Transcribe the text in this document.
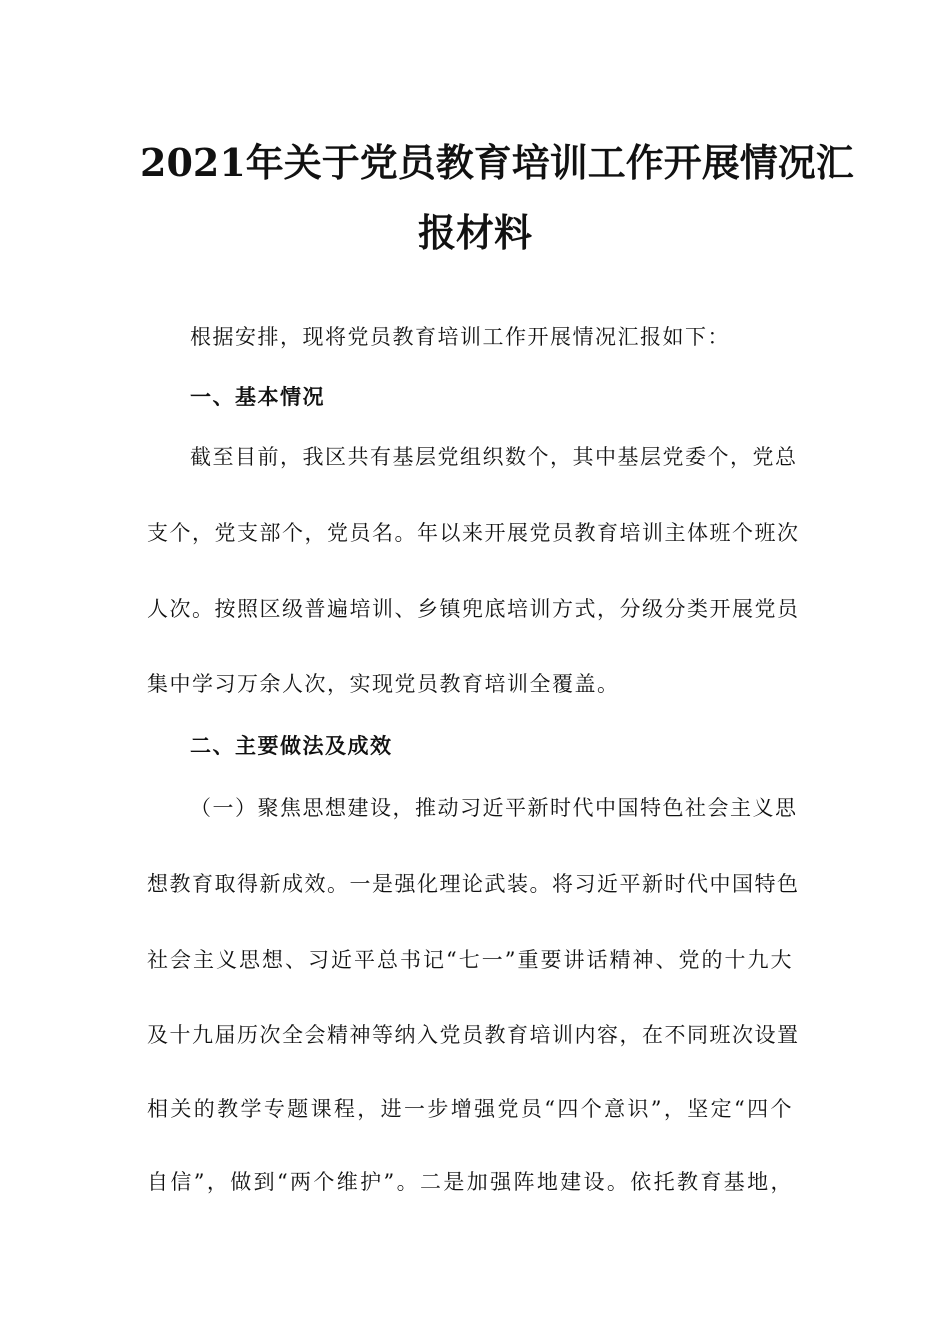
2021年关于党员教育培训工作开展情况汇
报材料
根据安排，现将党员教育培训工作开展情况汇报如下：
一、基本情况
截至目前，我区共有基层党组织数个，其中基层党委个，党总
支个，党支部个，党员名。年以来开展党员教育培训主体班个班次
人次。按照区级普遍培训、乡镇兜底培训方式，分级分类开展党员
集中学习万余人次，实现党员教育培训全覆盖。
二、主要做法及成效
（一）聚焦思想建设，推动习近平新时代中国特色社会主义思
想教育取得新成效。一是强化理论武装。将习近平新时代中国特色
社会主义思想、习近平总书记“七一”重要讲话精神、党的十九大
及十九届历次全会精神等纳入党员教育培训内容，在不同班次设置
相关的教学专题课程，进一步增强党员“四个意识”，坚定“四个
自信”，做到“两个维护”。二是加强阵地建设。依托教育基地，
